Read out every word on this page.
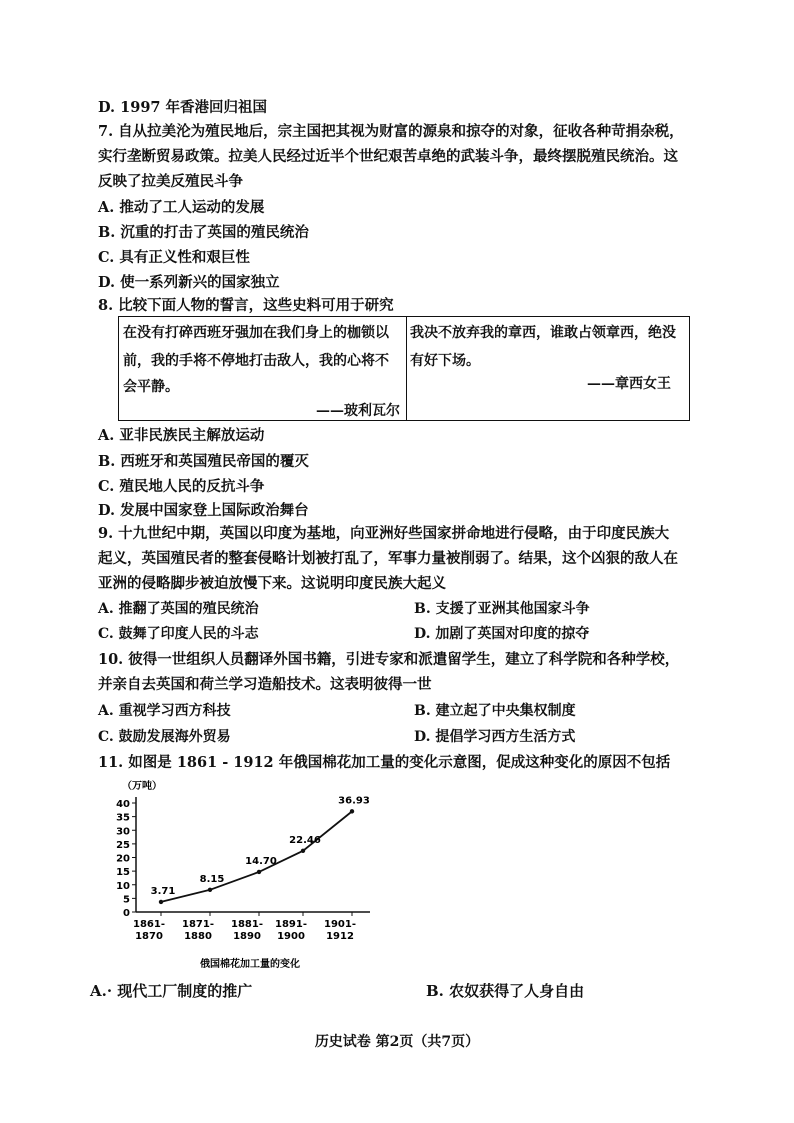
D. 1997 年香港回归祖国
7. 自从拉美沦为殖民地后，宗主国把其视为财富的源泉和掠夺的对象，征收各种苛捐杂税，
实行垄断贸易政策。拉美人民经过近半个世纪艰苦卓绝的武装斗争，最终摆脱殖民统治。这
反映了拉美反殖民斗争
A. 推动了工人运动的发展
B. 沉重的打击了英国的殖民统治
C. 具有正义性和艰巨性
D. 使一系列新兴的国家独立
8. 比较下面人物的誓言，这些史料可用于研究
在没有打碎西班牙强加在我们身上的枷锁以
前，我的手将不停地打击敌人，我的心将不
会平静。
——玻利瓦尔
我决不放弃我的章西，谁敢占领章西，绝没
有好下场。
——章西女王
A. 亚非民族民主解放运动
B. 西班牙和英国殖民帝国的覆灭
C. 殖民地人民的反抗斗争
D. 发展中国家登上国际政治舞台
9. 十九世纪中期，英国以印度为基地，向亚洲好些国家拼命地进行侵略，由于印度民族大
起义，英国殖民者的整套侵略计划被打乱了，军事力量被削弱了。结果，这个凶狠的敌人在
亚洲的侵略脚步被迫放慢下来。这说明印度民族大起义
A. 推翻了英国的殖民统治	B. 支援了亚洲其他国家斗争
C. 鼓舞了印度人民的斗志	D. 加剧了英国对印度的掠夺
10. 彼得一世组织人员翻译外国书籍，引进专家和派遣留学生，建立了科学院和各种学校，
并亲自去英国和荷兰学习造船技术。这表明彼得一世
A. 重视学习西方科技	B. 建立起了中央集权制度
C. 鼓励发展海外贸易	D. 提倡学习西方生活方式
11. 如图是 1861 - 1912 年俄国棉花加工量的变化示意图，促成这种变化的原因不包括
（万吨）
0
5
10
15
20
25
30
35
40
1861-
1870
1871-
1880
1881-
1890
1891-
1900
1901-
1912
俄国棉花加工量的变化
3.71
8.15
14.70
22.46
36.93
A.· 现代工厂制度的推广	B. 农奴获得了人身自由
历史试卷 第2页（共7页）
